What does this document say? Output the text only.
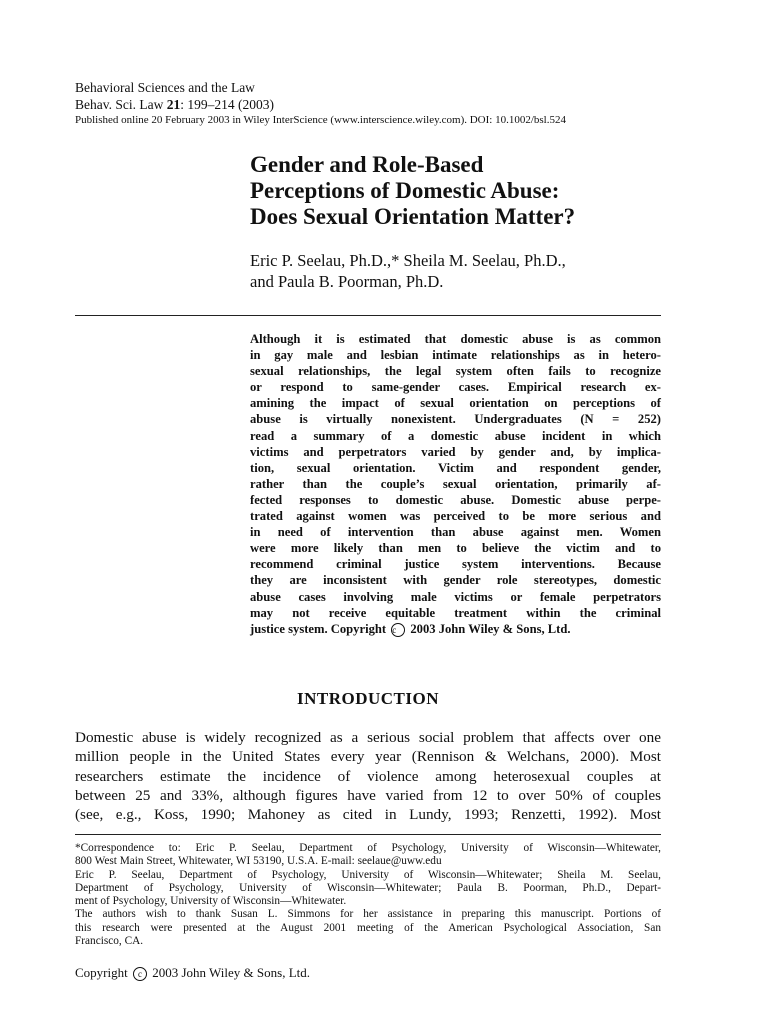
Behavioral Sciences and the Law
Behav. Sci. Law 21: 199–214 (2003)
Published online 20 February 2003 in Wiley InterScience (www.interscience.wiley.com). DOI: 10.1002/bsl.524
Gender and Role-Based
Perceptions of Domestic Abuse:
Does Sexual Orientation Matter?
Eric P. Seelau, Ph.D.,* Sheila M. Seelau, Ph.D.,
and Paula B. Poorman, Ph.D.
Although it is estimated that domestic abuse is as common
in gay male and lesbian intimate relationships as in hetero-
sexual relationships, the legal system often fails to recognize
or respond to same-gender cases. Empirical research ex-
amining the impact of sexual orientation on perceptions of
abuse is virtually nonexistent. Undergraduates (N = 252)
read a summary of a domestic abuse incident in which
victims and perpetrators varied by gender and, by implica-
tion, sexual orientation. Victim and respondent gender,
rather than the couple’s sexual orientation, primarily af-
fected responses to domestic abuse. Domestic abuse perpe-
trated against women was perceived to be more serious and
in need of intervention than abuse against men. Women
were more likely than men to believe the victim and to
recommend criminal justice system interventions. Because
they are inconsistent with gender role stereotypes, domestic
abuse cases involving male victims or female perpetrators
may not receive equitable treatment within the criminal
justice system. Copyright c 2003 John Wiley & Sons, Ltd.
INTRODUCTION
Domestic abuse is widely recognized as a serious social problem that affects over one
million people in the United States every year (Rennison & Welchans, 2000). Most
researchers estimate the incidence of violence among heterosexual couples at
between 25 and 33%, although figures have varied from 12 to over 50% of couples
(see, e.g., Koss, 1990; Mahoney as cited in Lundy, 1993; Renzetti, 1992). Most
*Correspondence to: Eric P. Seelau, Department of Psychology, University of Wisconsin—Whitewater,
800 West Main Street, Whitewater, WI 53190, U.S.A. E-mail: seelaue@uww.edu
Eric P. Seelau, Department of Psychology, University of Wisconsin—Whitewater; Sheila M. Seelau,
Department of Psychology, University of Wisconsin—Whitewater; Paula B. Poorman, Ph.D., Depart-
ment of Psychology, University of Wisconsin—Whitewater.
The authors wish to thank Susan L. Simmons for her assistance in preparing this manuscript. Portions of
this research were presented at the August 2001 meeting of the American Psychological Association, San
Francisco, CA.
Copyright c 2003 John Wiley & Sons, Ltd.
